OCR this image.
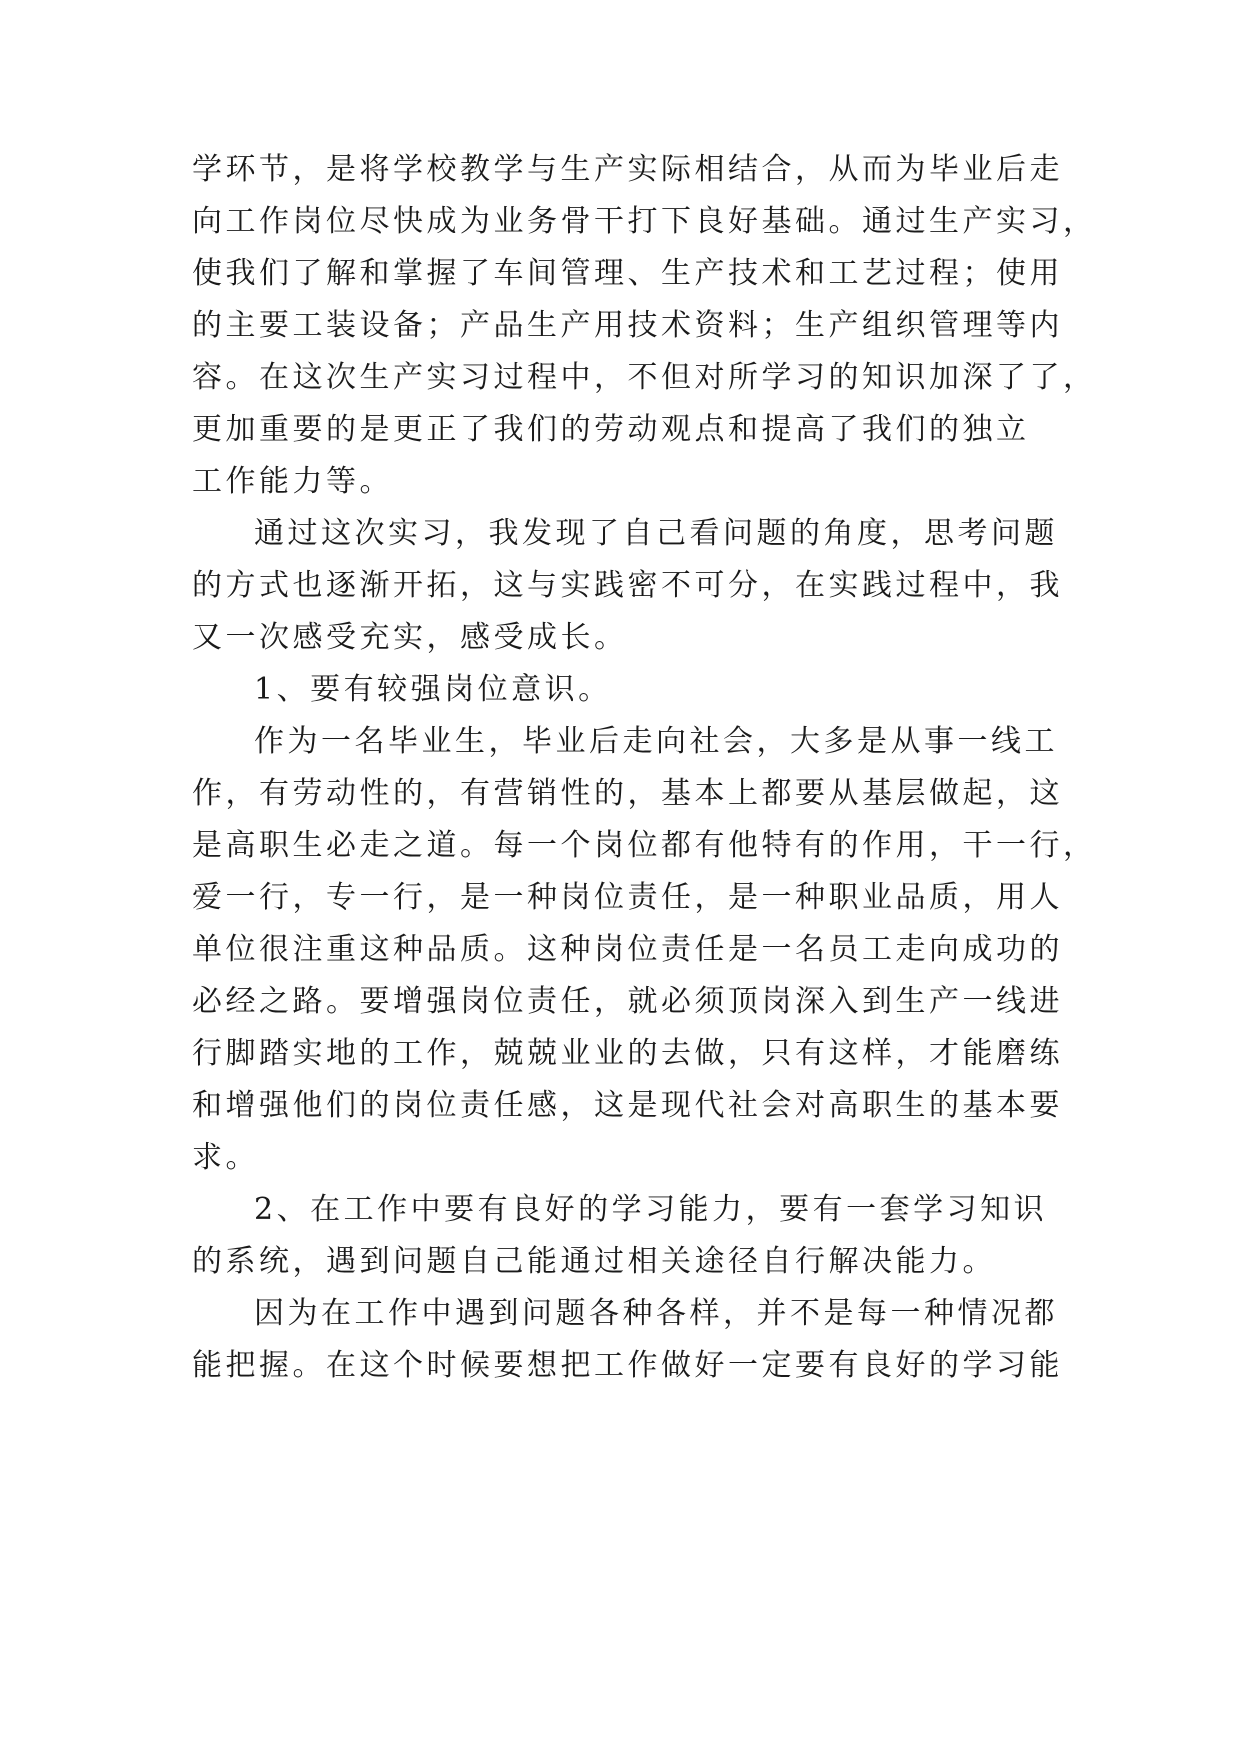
学环节，是将学校教学与生产实际相结合，从而为毕业后走
向工作岗位尽快成为业务骨干打下良好基础。通过生产实习，
使我们了解和掌握了车间管理、生产技术和工艺过程；使用
的主要工装设备；产品生产用技术资料；生产组织管理等内
容。在这次生产实习过程中，不但对所学习的知识加深了了，
更加重要的是更正了我们的劳动观点和提高了我们的独立
工作能力等。
通过这次实习，我发现了自己看问题的角度，思考问题
的方式也逐渐开拓，这与实践密不可分，在实践过程中，我
又一次感受充实，感受成长。
1、要有较强岗位意识。
作为一名毕业生，毕业后走向社会，大多是从事一线工
作，有劳动性的，有营销性的，基本上都要从基层做起，这
是高职生必走之道。每一个岗位都有他特有的作用，干一行，
爱一行，专一行，是一种岗位责任，是一种职业品质，用人
单位很注重这种品质。这种岗位责任是一名员工走向成功的
必经之路。要增强岗位责任，就必须顶岗深入到生产一线进
行脚踏实地的工作，兢兢业业的去做，只有这样，才能磨练
和增强他们的岗位责任感，这是现代社会对高职生的基本要
求。
2、在工作中要有良好的学习能力，要有一套学习知识
的系统，遇到问题自己能通过相关途径自行解决能力。
因为在工作中遇到问题各种各样，并不是每一种情况都
能把握。在这个时候要想把工作做好一定要有良好的学习能
